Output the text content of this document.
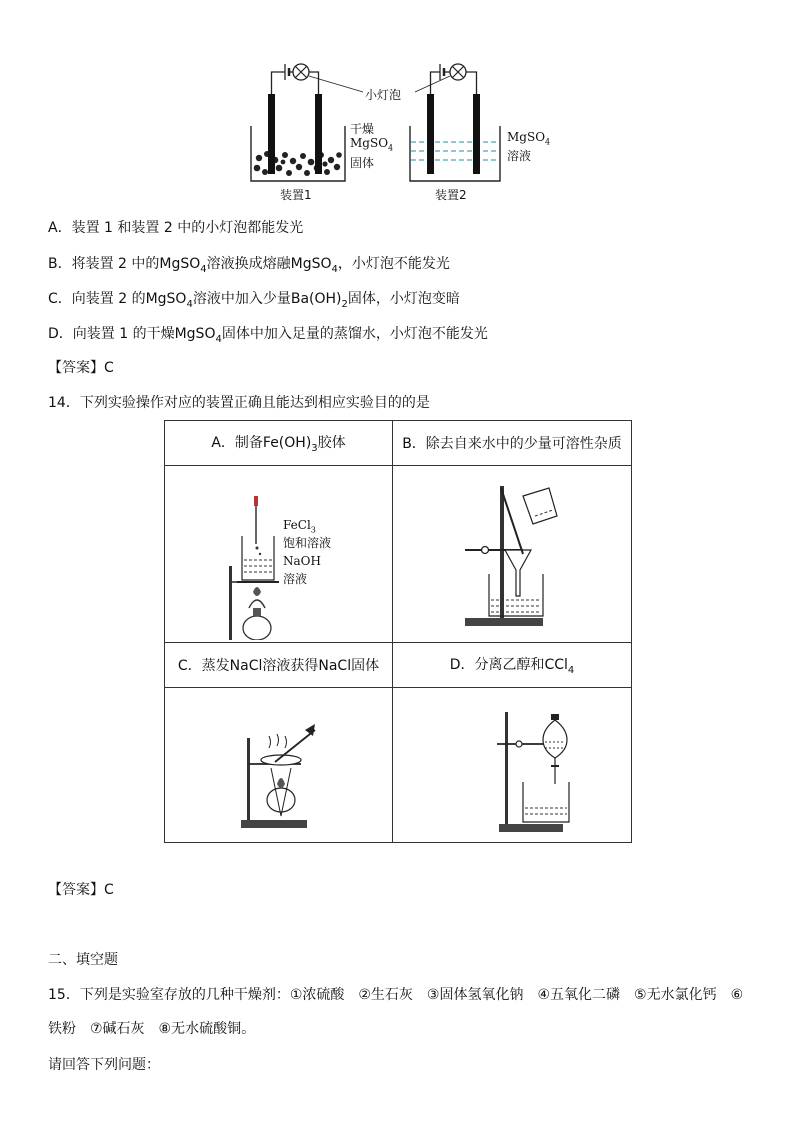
小灯泡
干燥
MgSO$_4$
固体
MgSO$_4$
溶液
装置1	装置2
A．装置 1 和装置 2 中的小灯泡都能发光
B．将装置 2 中的MgSO$_4$溶液换成熔融MgSO$_4$，小灯泡不能发光
C．向装置 2 的MgSO$_4$溶液中加入少量$Ba(OH)_2$固体，小灯泡变暗
D．向装置 1 的干燥MgSO$_4$固体中加入足量的蒸馏水，小灯泡不能发光
【答案】C
14．下列实验操作对应的装置正确且能达到相应实验目的的是
A．制备$Fe(OH)_3$胶体	B．除去自来水中的少量可溶性杂质

FeCl$_3$
饱和溶液
NaOH
溶液

C．蒸发NaCl溶液获得NaCl固体	D．分离乙醇和CCl$_4$

【答案】C
二、填空题
15．下列是实验室存放的几种干燥剂：①浓硫酸　②生石灰　③固体氢氧化钠　④五氧化二磷　⑤无水氯化钙　⑥
铁粉　⑦碱石灰　⑧无水硫酸铜。
请回答下列问题：
